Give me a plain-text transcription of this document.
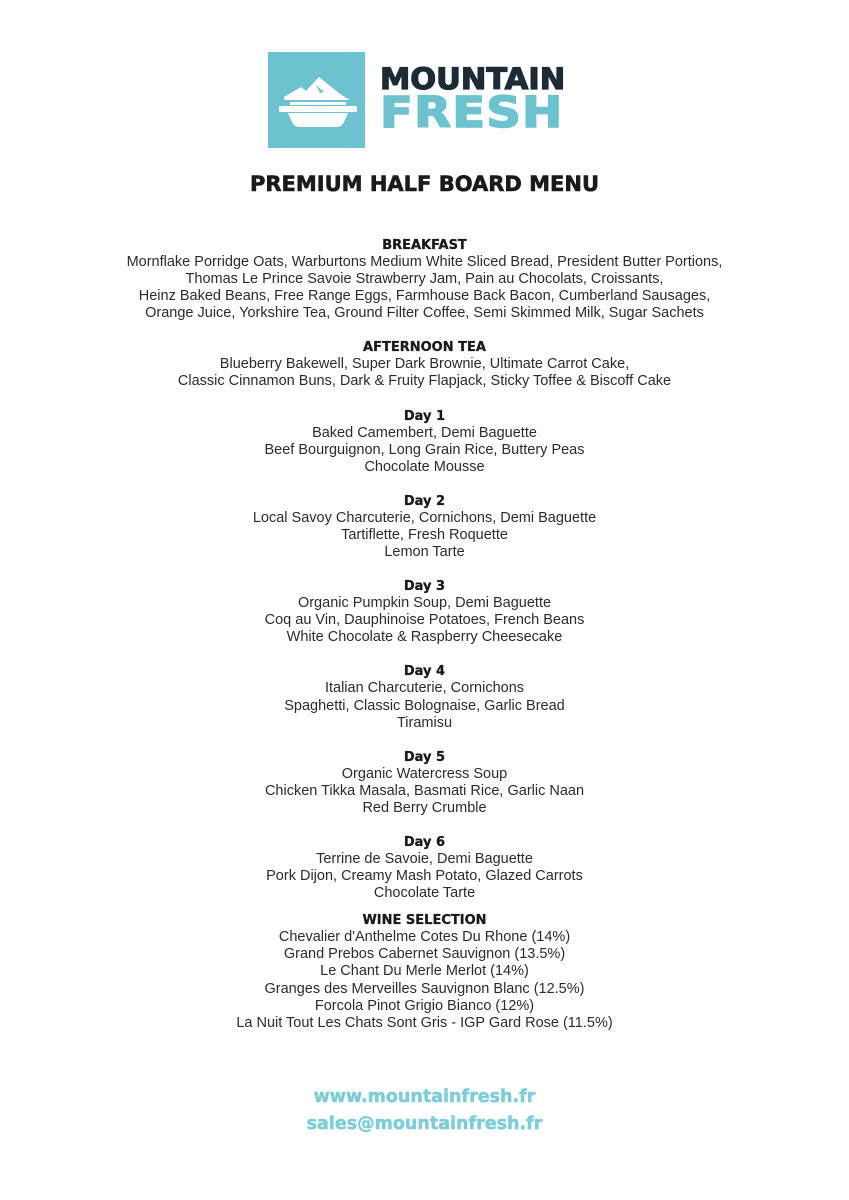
MOUNTAIN
FRESH
PREMIUM HALF BOARD MENU
BREAKFAST
Mornflake Porridge Oats, Warburtons Medium White Sliced Bread, President Butter Portions,
Thomas Le Prince Savoie Strawberry Jam, Pain au Chocolats, Croissants,
Heinz Baked Beans, Free Range Eggs, Farmhouse Back Bacon, Cumberland Sausages,
Orange Juice, Yorkshire Tea, Ground Filter Coffee, Semi Skimmed Milk, Sugar Sachets
AFTERNOON TEA
Blueberry Bakewell, Super Dark Brownie, Ultimate Carrot Cake,
Classic Cinnamon Buns, Dark & Fruity Flapjack, Sticky Toffee & Biscoff Cake
Day 1
Baked Camembert, Demi Baguette
Beef Bourguignon, Long Grain Rice, Buttery Peas
Chocolate Mousse
Day 2
Local Savoy Charcuterie, Cornichons, Demi Baguette
Tartiflette, Fresh Roquette
Lemon Tarte
Day 3
Organic Pumpkin Soup, Demi Baguette
Coq au Vin, Dauphinoise Potatoes, French Beans
White Chocolate & Raspberry Cheesecake
Day 4
Italian Charcuterie, Cornichons
Spaghetti, Classic Bolognaise, Garlic Bread
Tiramisu
Day 5
Organic Watercress Soup
Chicken Tikka Masala, Basmati Rice, Garlic Naan
Red Berry Crumble
Day 6
Terrine de Savoie, Demi Baguette
Pork Dijon, Creamy Mash Potato, Glazed Carrots
Chocolate Tarte
WINE SELECTION
Chevalier d'Anthelme Cotes Du Rhone (14%)
Grand Prebos Cabernet Sauvignon (13.5%)
Le Chant Du Merle Merlot (14%)
Granges des Merveilles Sauvignon Blanc (12.5%)
Forcola Pinot Grigio Bianco (12%)
La Nuit Tout Les Chats Sont Gris - IGP Gard Rose (11.5%)
www.mountainfresh.fr
sales@mountainfresh.fr
